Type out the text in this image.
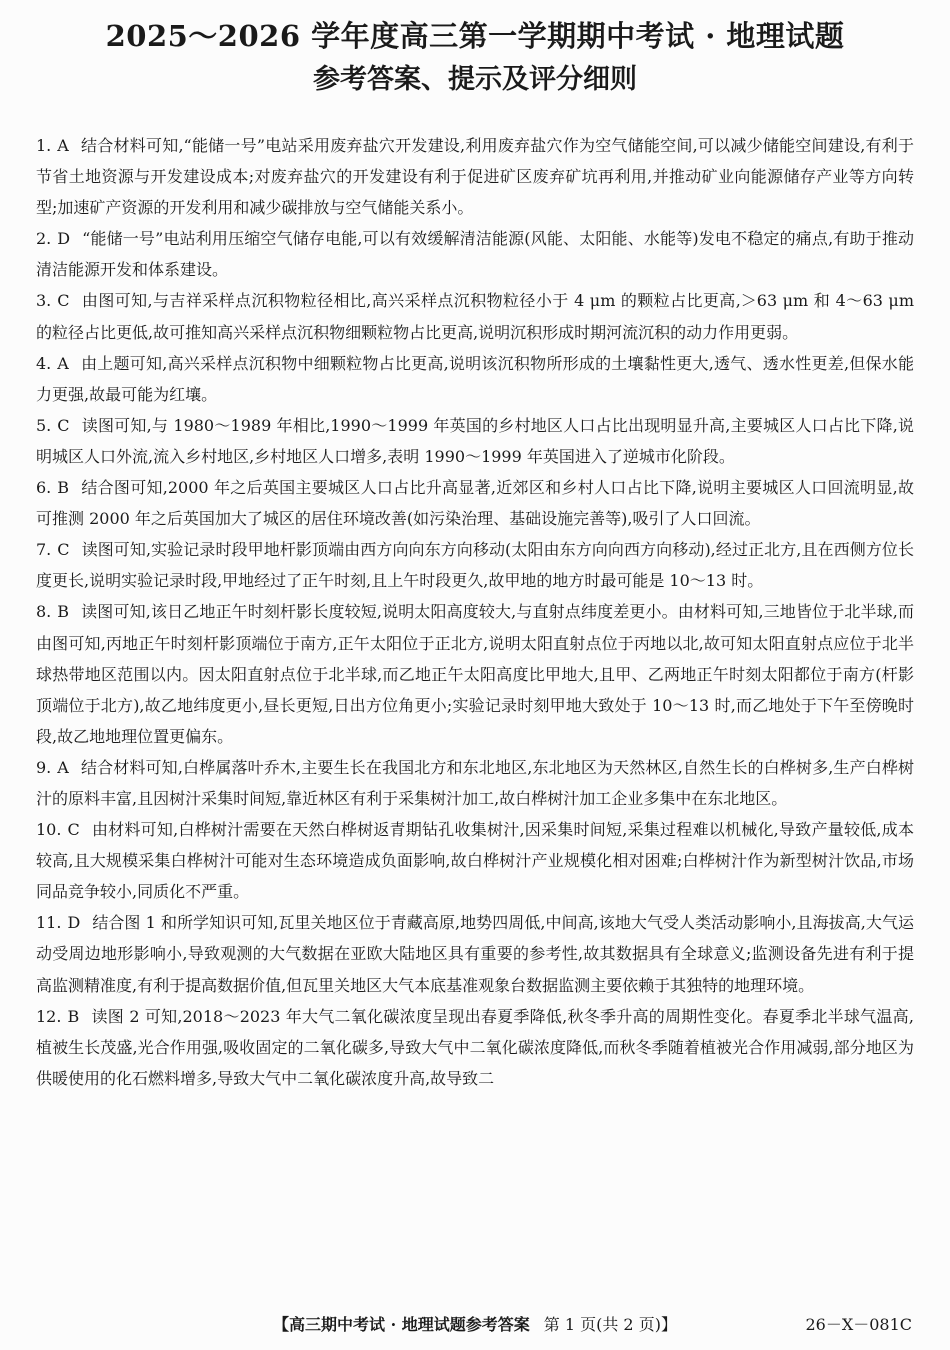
2025～2026 学年度高三第一学期期中考试 · 地理试题
参考答案、提示及评分细则

1. A 结合材料可知,“能储一号”电站采用废弃盐穴开发建设,利用废弃盐穴作为空气储能空间,可以减少储能空间建设,有利于节省土地资源与开发建设成本;对废弃盐穴的开发建设有利于促进矿区废弃矿坑再利用,并推动矿业向能源储存产业等方向转型;加速矿产资源的开发利用和减少碳排放与空气储能关系小。

2. D “能储一号”电站利用压缩空气储存电能,可以有效缓解清洁能源(风能、太阳能、水能等)发电不稳定的痛点,有助于推动清洁能源开发和体系建设。

3. C 由图可知,与吉祥采样点沉积物粒径相比,高兴采样点沉积物粒径小于 4 μm 的颗粒占比更高,＞63 μm 和 4～63 μm 的粒径占比更低,故可推知高兴采样点沉积物细颗粒物占比更高,说明沉积形成时期河流沉积的动力作用更弱。

4. A 由上题可知,高兴采样点沉积物中细颗粒物占比更高,说明该沉积物所形成的土壤黏性更大,透气、透水性更差,但保水能力更强,故最可能为红壤。

5. C 读图可知,与 1980～1989 年相比,1990～1999 年英国的乡村地区人口占比出现明显升高,主要城区人口占比下降,说明城区人口外流,流入乡村地区,乡村地区人口增多,表明 1990～1999 年英国进入了逆城市化阶段。

6. B 结合图可知,2000 年之后英国主要城区人口占比升高显著,近郊区和乡村人口占比下降,说明主要城区人口回流明显,故可推测 2000 年之后英国加大了城区的居住环境改善(如污染治理、基础设施完善等),吸引了人口回流。

7. C 读图可知,实验记录时段甲地杆影顶端由西方向向东方向移动(太阳由东方向向西方向移动),经过正北方,且在西侧方位长度更长,说明实验记录时段,甲地经过了正午时刻,且上午时段更久,故甲地的地方时最可能是 10～13 时。

8. B 读图可知,该日乙地正午时刻杆影长度较短,说明太阳高度较大,与直射点纬度差更小。由材料可知,三地皆位于北半球,而由图可知,丙地正午时刻杆影顶端位于南方,正午太阳位于正北方,说明太阳直射点位于丙地以北,故可知太阳直射点应位于北半球热带地区范围以内。因太阳直射点位于北半球,而乙地正午太阳高度比甲地大,且甲、乙两地正午时刻太阳都位于南方(杆影顶端位于北方),故乙地纬度更小,昼长更短,日出方位角更小;实验记录时刻甲地大致处于 10～13 时,而乙地处于下午至傍晚时段,故乙地地理位置更偏东。

9. A 结合材料可知,白桦属落叶乔木,主要生长在我国北方和东北地区,东北地区为天然林区,自然生长的白桦树多,生产白桦树汁的原料丰富,且因树汁采集时间短,靠近林区有利于采集树汁加工,故白桦树汁加工企业多集中在东北地区。

10. C 由材料可知,白桦树汁需要在天然白桦树返青期钻孔收集树汁,因采集时间短,采集过程难以机械化,导致产量较低,成本较高,且大规模采集白桦树汁可能对生态环境造成负面影响,故白桦树汁产业规模化相对困难;白桦树汁作为新型树汁饮品,市场同品竞争较小,同质化不严重。

11. D 结合图 1 和所学知识可知,瓦里关地区位于青藏高原,地势四周低,中间高,该地大气受人类活动影响小,且海拔高,大气运动受周边地形影响小,导致观测的大气数据在亚欧大陆地区具有重要的参考性,故其数据具有全球意义;监测设备先进有利于提高监测精准度,有利于提高数据价值,但瓦里关地区大气本底基准观象台数据监测主要依赖于其独特的地理环境。

12. B 读图 2 可知,2018～2023 年大气二氧化碳浓度呈现出春夏季降低,秋冬季升高的周期性变化。春夏季北半球气温高,植被生长茂盛,光合作用强,吸收固定的二氧化碳多,导致大气中二氧化碳浓度降低,而秋冬季随着植被光合作用减弱,部分地区为供暖使用的化石燃料增多,导致大气中二氧化碳浓度升高,故导致二

【高三期中考试 · 地理试题参考答案 第 1 页(共 2 页)】	26－X－081C
